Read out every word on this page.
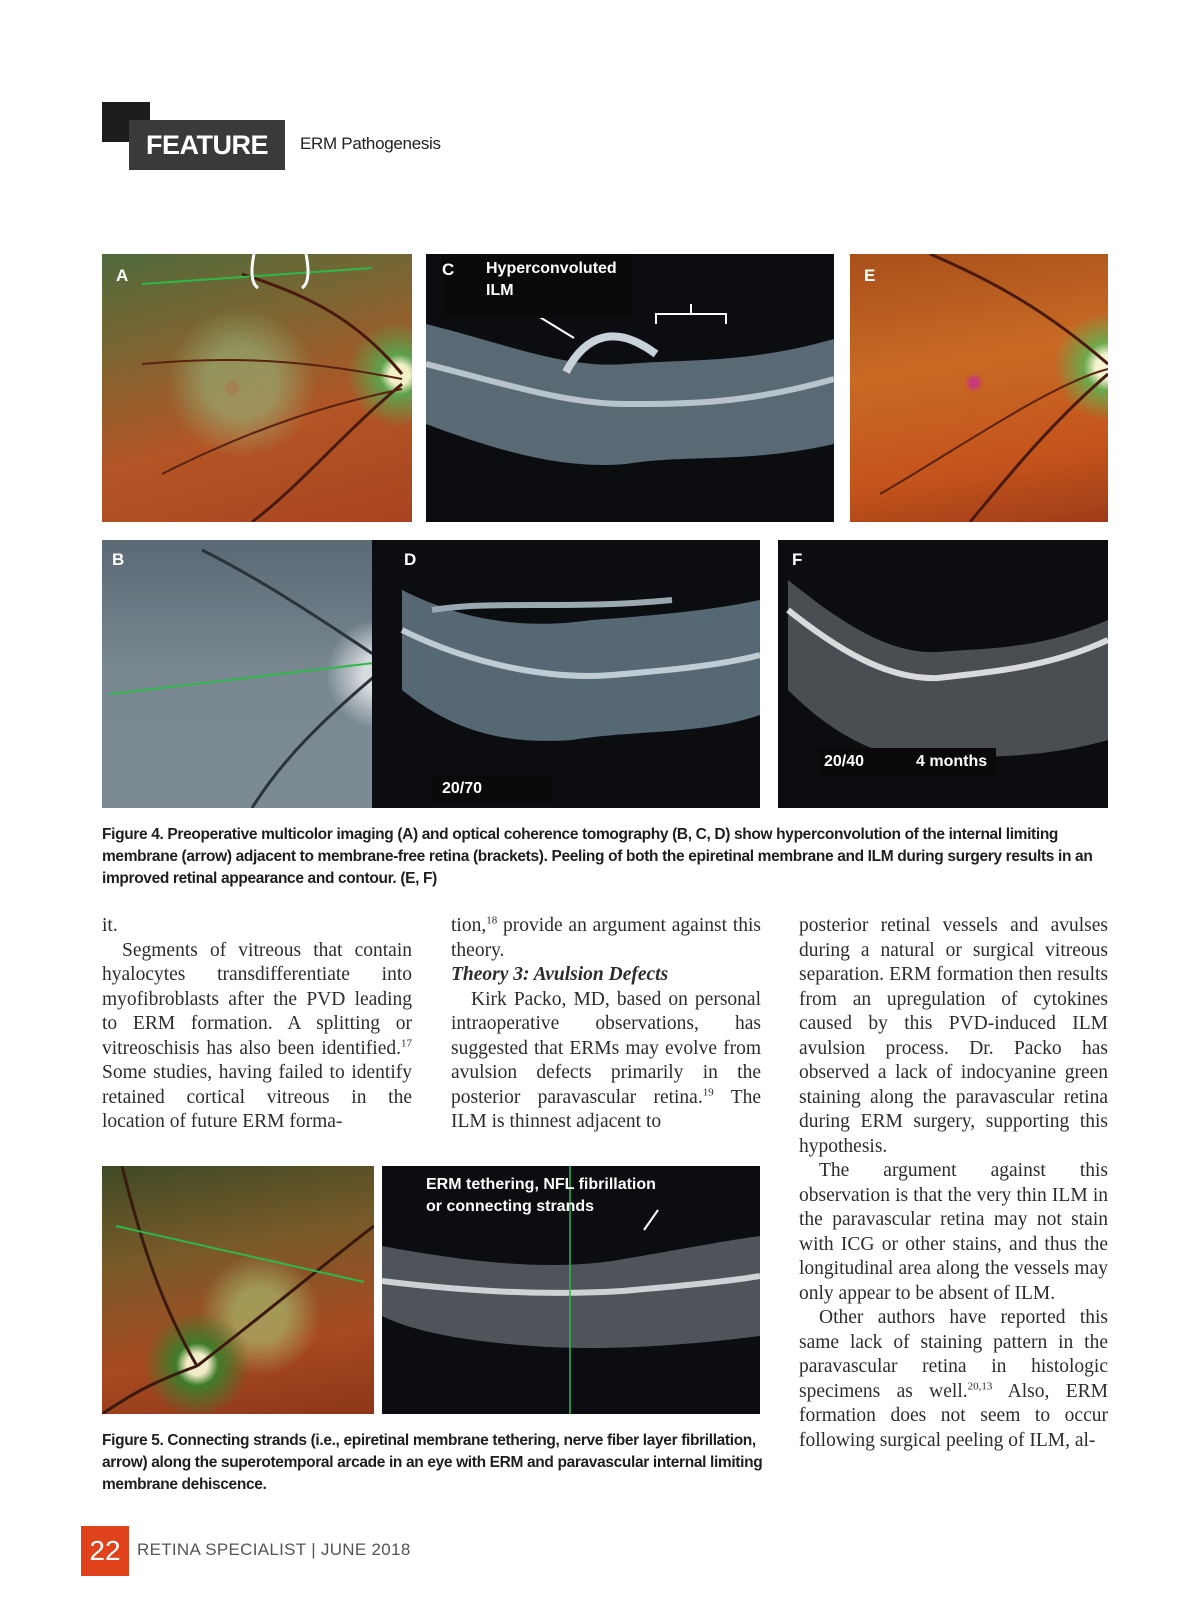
FEATURE	ERM Pathogenesis
A	Hyperconvoluted
ILM
C	E
B
20/70
D
20/40	4 months
F
Figure 4. Preoperative multicolor imaging (A) and optical coherence tomography (B, C, D) show hyperconvolution of the internal limiting membrane (arrow) adjacent to membrane-free retina (brackets). Peeling of both the epiretinal membrane and ILM during surgery results in an improved retinal appearance and contour. (E, F)

it.

Segments of vitreous that contain hyalocytes transdifferentiate into myofibroblasts after the PVD leading to ERM formation. A splitting or vitreoschisis has also been identified.$^{17}$ Some studies, having failed to identify retained cortical vitreous in the location of future ERM forma-

tion,$^{18}$ provide an argument against this theory.

Theory 3: Avulsion Defects

Kirk Packo, MD, based on personal intraoperative observations, has suggested that ERMs may evolve from avulsion defects primarily in the posterior paravascular retina.$^{19}$ The ILM is thinnest adjacent to

posterior retinal vessels and avulses during a natural or surgical vitreous separation. ERM formation then results from an upregulation of cytokines caused by this PVD-induced ILM avulsion process. Dr. Packo has observed a lack of indocyanine green staining along the paravascular retina during ERM surgery, supporting this hypothesis.

The argument against this observation is that the very thin ILM in the paravascular retina may not stain with ICG or other stains, and thus the longitudinal area along the vessels may only appear to be absent of ILM.

Other authors have reported this same lack of staining pattern in the paravascular retina in histologic specimens as well.$^{20,13}$ Also, ERM formation does not seem to occur following surgical peeling of ILM, al-

ERM tethering, NFL fibrillation
or connecting strands
Figure 5. Connecting strands (i.e., epiretinal membrane tethering, nerve fiber layer fibrillation, arrow) along the superotemporal arcade in an eye with ERM and paravascular internal limiting membrane dehiscence.
22 RETINA SPECIALIST | JUNE 2018
